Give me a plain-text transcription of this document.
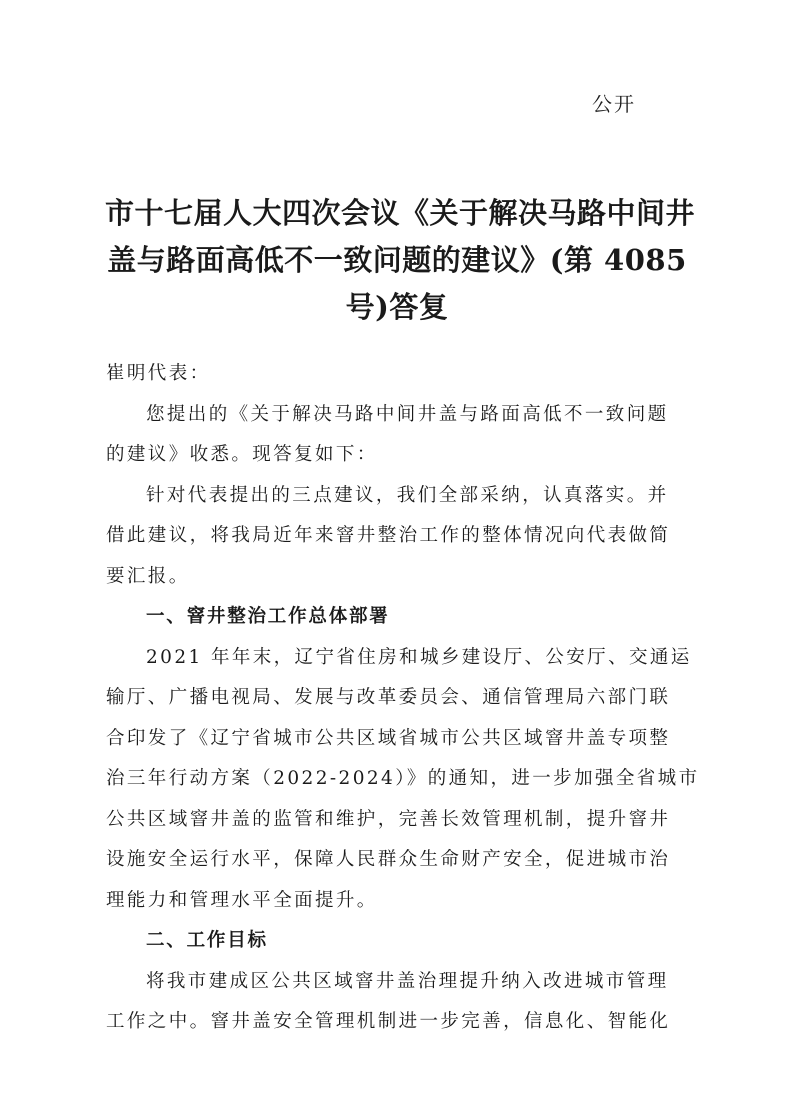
公开
市十七届人大四次会议《关于解决马路中间井
盖与路面高低不一致问题的建议》(第 4085
号)答复

崔明代表：

您提出的《关于解决马路中间井盖与路面高低不一致问题

的建议》收悉。现答复如下：

针对代表提出的三点建议，我们全部采纳，认真落实。并

借此建议，将我局近年来窨井整治工作的整体情况向代表做简

要汇报。

一、窨井整治工作总体部署

2021 年年末，辽宁省住房和城乡建设厅、公安厅、交通运

输厅、广播电视局、发展与改革委员会、通信管理局六部门联

合印发了《辽宁省城市公共区域省城市公共区域窨井盖专项整

治三年行动方案（2022-2024）》的通知，进一步加强全省城市

公共区域窨井盖的监管和维护，完善长效管理机制，提升窨井

设施安全运行水平，保障人民群众生命财产安全，促进城市治

理能力和管理水平全面提升。

二、工作目标

将我市建成区公共区域窨井盖治理提升纳入改进城市管理

工作之中。窨井盖安全管理机制进一步完善，信息化、智能化
